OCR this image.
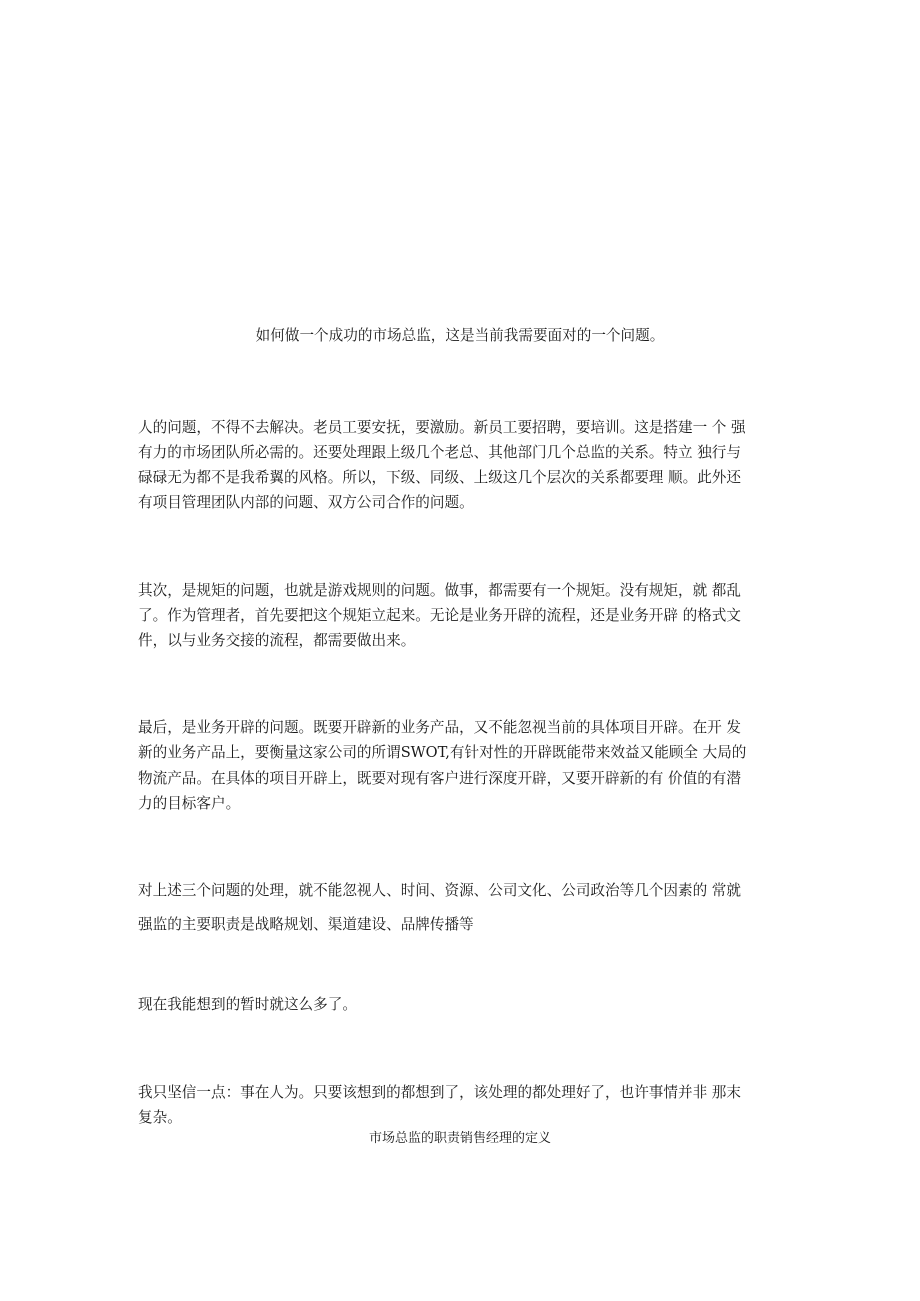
如何做一个成功的市场总监，这是当前我需要面对的一个问题。
人的问题，不得不去解决。老员工要安抚，要激励。新员工要招聘，要培训。这是搭建一 个 强
有力的市场团队所必需的。还要处理跟上级几个老总、其他部门几个总监的关系。特立 独行与
碌碌无为都不是我希翼的风格。所以，下级、同级、上级这几个层次的关系都要理 顺。此外还
有项目管理团队内部的问题、双方公司合作的问题。
其次，是规矩的问题，也就是游戏规则的问题。做事，都需要有一个规矩。没有规矩，就 都乱
了。作为管理者，首先要把这个规矩立起来。无论是业务开辟的流程，还是业务开辟 的格式文
件，以与业务交接的流程，都需要做出来。
最后，是业务开辟的问题。既要开辟新的业务产品，又不能忽视当前的具体项目开辟。在开 发
新的业务产品上，要衡量这家公司的所谓SWOT,有针对性的开辟既能带来效益又能顾全 大局的
物流产品。在具体的项目开辟上，既要对现有客户进行深度开辟，又要开辟新的有 价值的有潜
力的目标客户。
对上述三个问题的处理，就不能忽视人、时间、资源、公司文化、公司政治等几个因素的 常就
强监的主要职责是战略规划、渠道建设、品牌传播等
现在我能想到的暂时就这么多了。
我只坚信一点：事在人为。只要该想到的都想到了，该处理的都处理好了，也许事情并非 那末
复杂。
市场总监的职责销售经理的定义
